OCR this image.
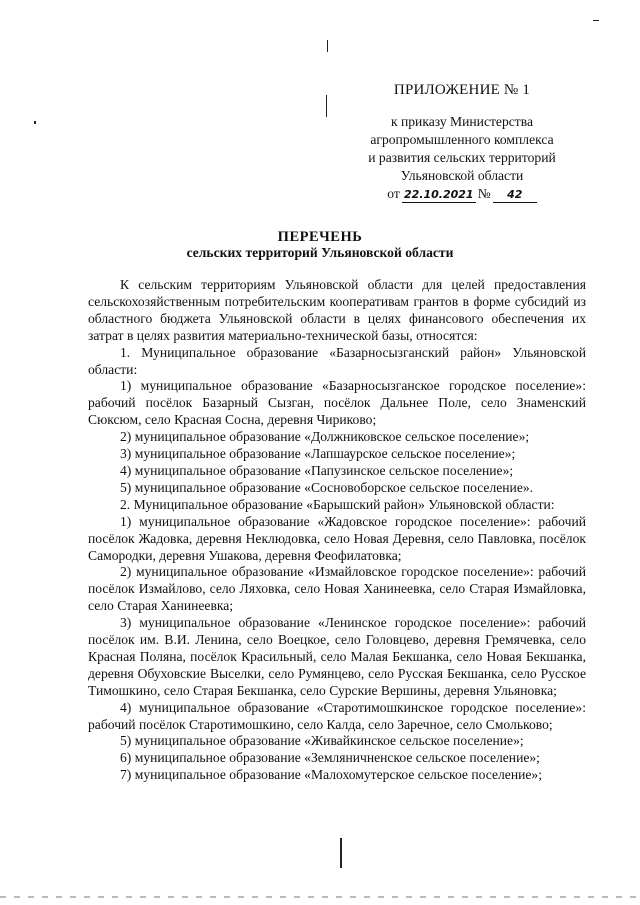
ПРИЛОЖЕНИЕ № 1
к приказу Министерства
агропромышленного комплекса
и развития сельских территорий
Ульяновской области
от 22.10.2021 №	42
ПЕРЕЧЕНЬ
сельских территорий Ульяновской области

К сельским территориям Ульяновской области для целей предоставления сельскохозяйственным потребительским кооперативам грантов в форме субсидий из областного бюджета Ульяновской области в целях финансового обеспечения их затрат в целях развития материально-технической базы, относятся:

1. Муниципальное образование «Базарносызганский район» Ульяновской области:

1) муниципальное образование «Базарносызганское городское поселение»: рабочий посёлок Базарный Сызган, посёлок Дальнее Поле, село Знаменский Сюксюм, село Красная Сосна, деревня Чириково;

2) муниципальное образование «Должниковское сельское поселение»;

3) муниципальное образование «Лапшаурское сельское поселение»;

4) муниципальное образование «Папузинское сельское поселение»;

5) муниципальное образование «Сосновоборское сельское поселение».

2. Муниципальное образование «Барышский район» Ульяновской области:

1) муниципальное образование «Жадовское городское поселение»: рабочий посёлок Жадовка, деревня Неклюдовка, село Новая Деревня, село Павловка, посёлок Самородки, деревня Ушакова, деревня Феофилатовка;

2) муниципальное образование «Измайловское городское поселение»: рабочий посёлок Измайлово, село Ляховка, село Новая Ханинеевка, село Старая Измайловка, село Старая Ханинеевка;

3) муниципальное образование «Ленинское городское поселение»: рабочий посёлок им. В.И. Ленина, село Воецкое, село Головцево, деревня Гремячевка, село Красная Поляна, посёлок Красильный, село Малая Бекшанка, село Новая Бекшанка, деревня Обуховские Выселки, село Румянцево, село Русская Бекшанка, село Русское Тимошкино, село Старая Бекшанка, село Сурские Вершины, деревня Ульяновка;

4) муниципальное образование «Старотимошкинское городское поселение»: рабочий посёлок Старотимошкино, село Калда, село Заречное, село Смольково;

5) муниципальное образование «Живайкинское сельское поселение»;

6) муниципальное образование «Земляничненское сельское поселение»;

7) муниципальное образование «Малохомутерское сельское поселение»;
